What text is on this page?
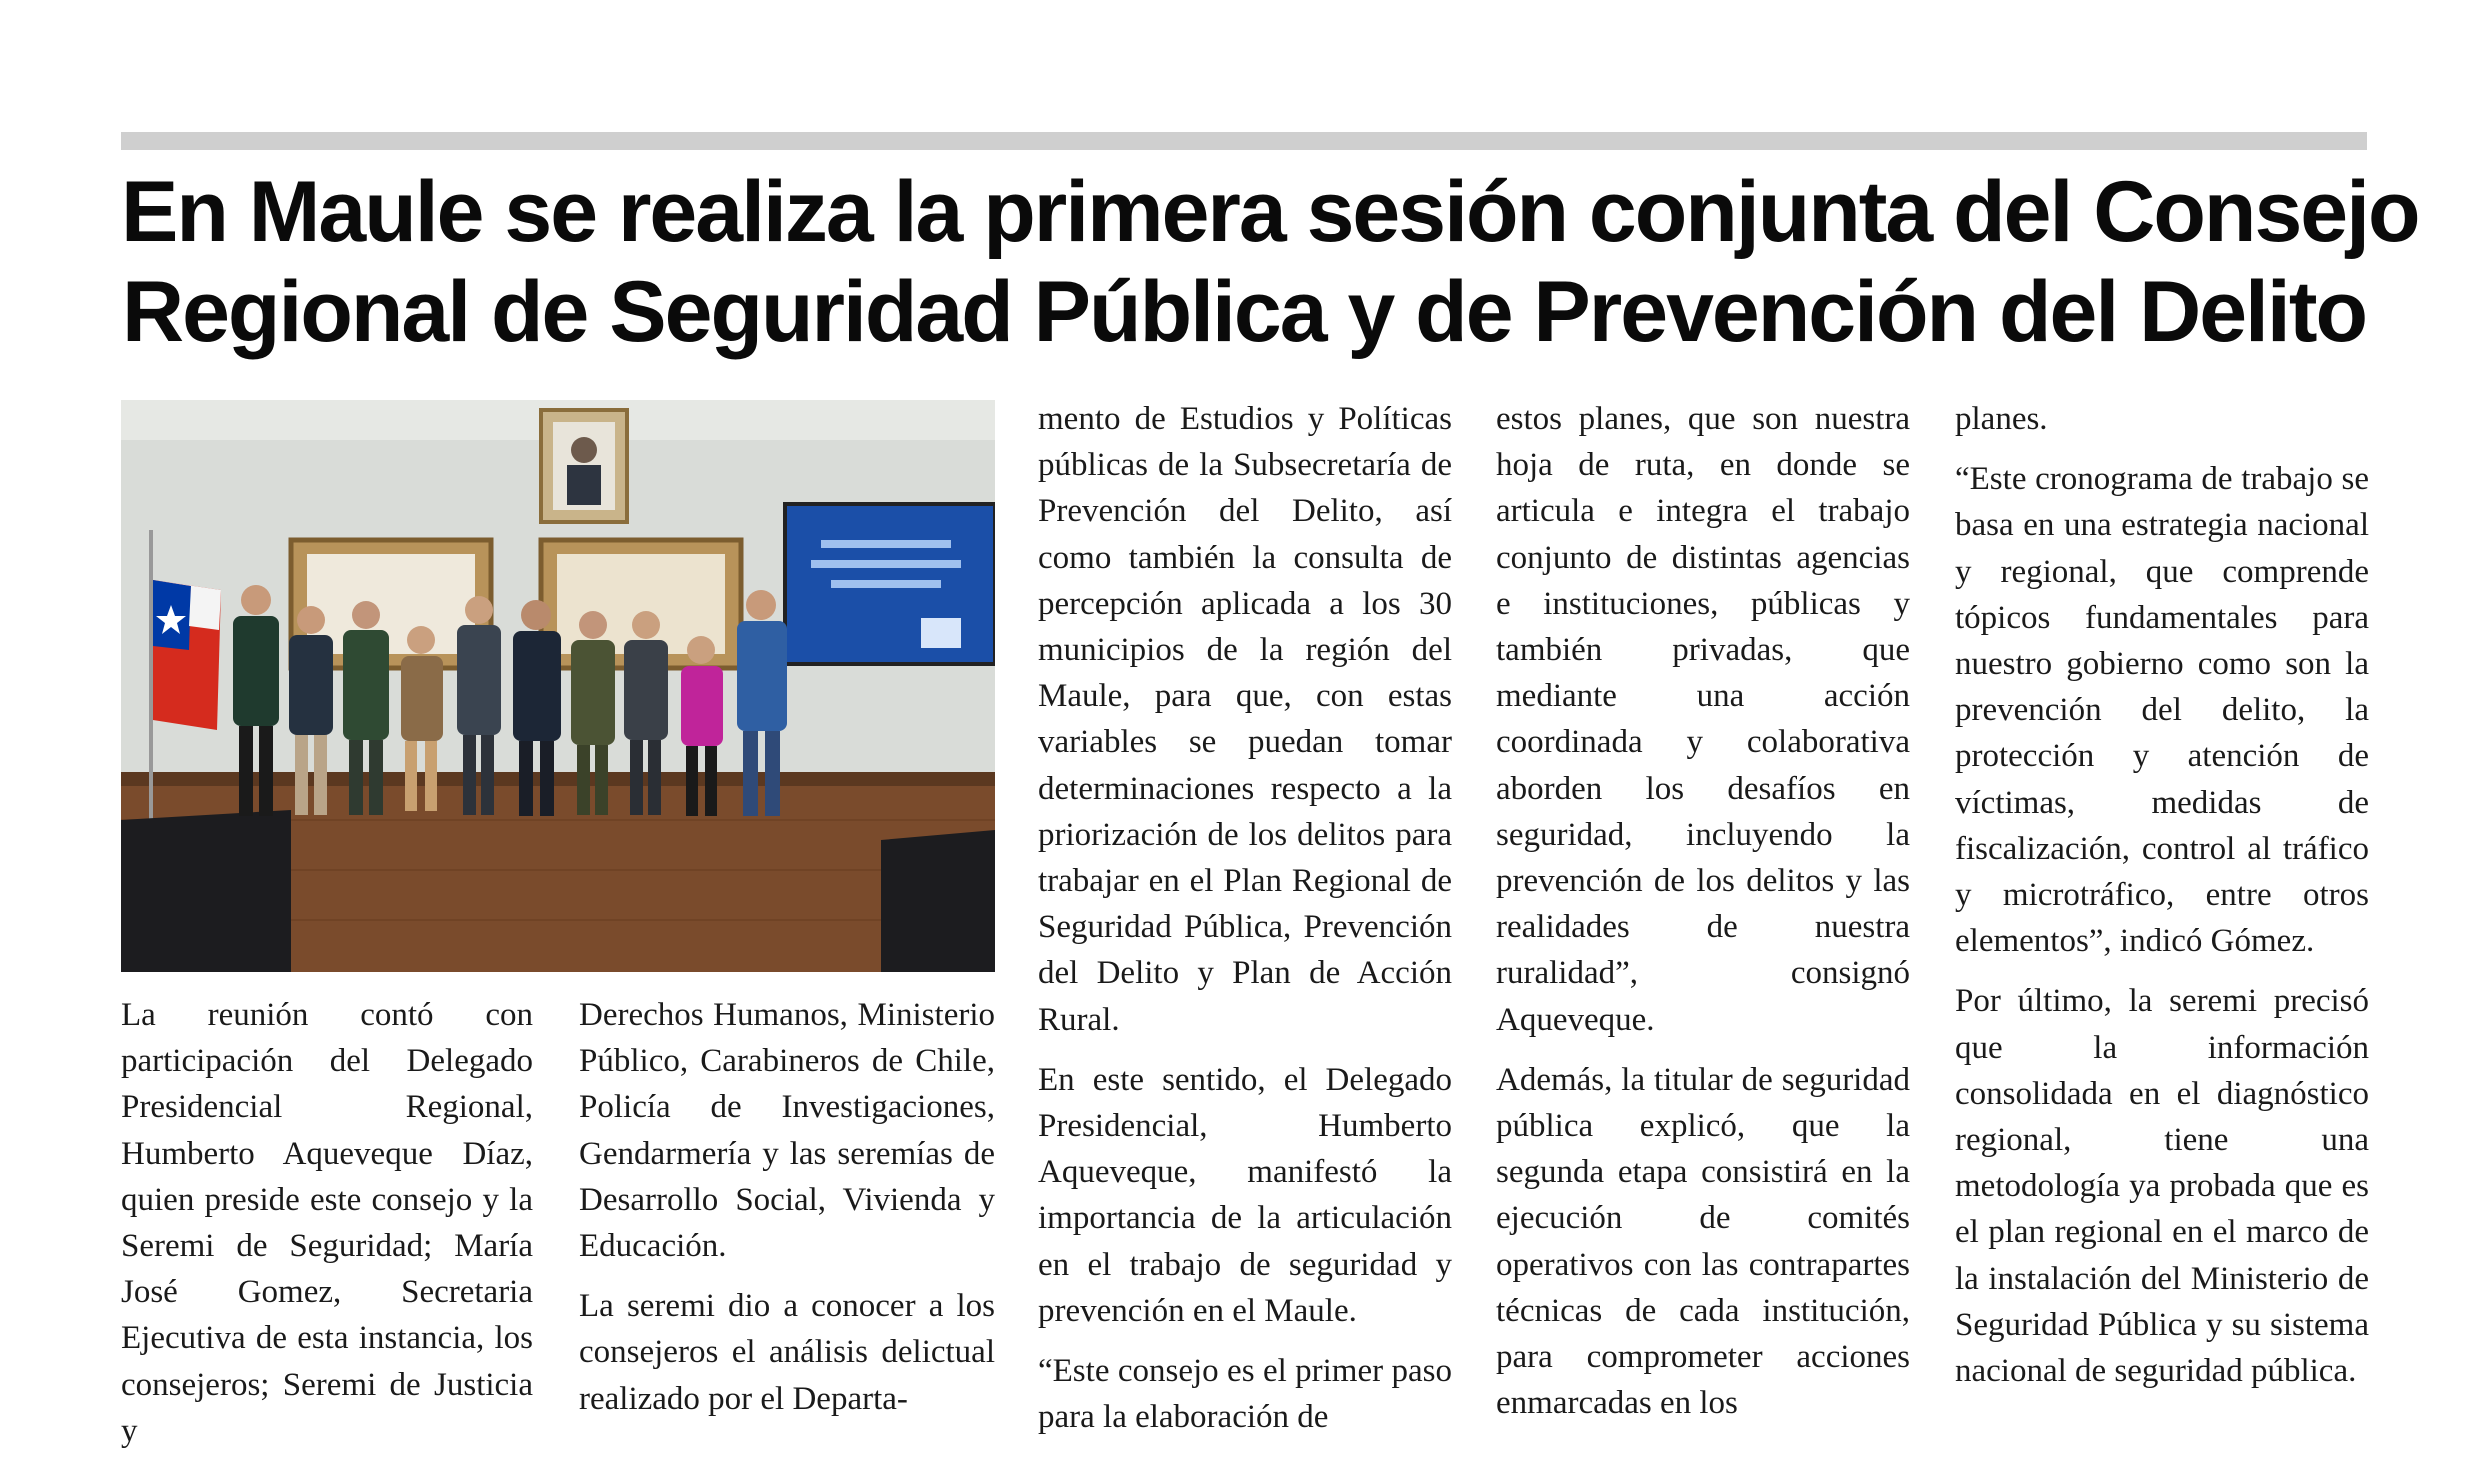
En Maule se realiza la primera sesión conjunta del Consejo
Regional de Seguridad Pública y de Prevención del Delito

La reunión contó con participación del Delegado Presidencial Regional, Humberto Aqueveque Díaz, quien preside este consejo y la Seremi de Seguridad; María José Gomez, Secretaria Ejecutiva de esta instancia, los consejeros; Seremi de Justicia y

Derechos Humanos, Ministerio Público, Carabineros de Chile, Policía de Investigaciones, Gendarmería y las seremías de Desarrollo Social, Vivienda y Educación.

La seremi dio a conocer a los consejeros el análisis delictual realizado por el Departa-

mento de Estudios y Políticas públicas de la Subsecretaría de Prevención del Delito, así como también la consulta de percepción aplicada a los 30 municipios de la región del Maule, para que, con estas variables se puedan tomar determinaciones respecto a la priorización de los delitos para trabajar en el Plan Regional de Seguridad Pública, Prevención del Delito y Plan de Acción Rural.

En este sentido, el Delegado Presidencial, Humberto Aqueveque, manifestó la importancia de la articulación en el trabajo de seguridad y prevención en el Maule.

“Este consejo es el primer paso para la elaboración de

estos planes, que son nuestra hoja de ruta, en donde se articula e integra el trabajo conjunto de distintas agencias e instituciones, públicas y también privadas, que mediante una acción coordinada y colaborativa aborden los desafíos en seguridad, incluyendo la prevención de los delitos y las realidades de nuestra ruralidad”, consignó Aqueveque.

Además, la titular de seguridad pública explicó, que la segunda etapa consistirá en la ejecución de comités operativos con las contrapartes técnicas de cada institución, para comprometer acciones enmarcadas en los

planes.

“Este cronograma de trabajo se basa en una estrategia nacional y regional, que comprende tópicos fundamentales para nuestro gobierno como son la prevención del delito, la protección y atención de víctimas, medidas de fiscalización, control al tráfico y microtráfico, entre otros elementos”, indicó Gómez.

Por último, la seremi precisó que la información consolidada en el diagnóstico regional, tiene una metodología ya probada que es el plan regional en el marco de la instalación del Ministerio de Seguridad Pública y su sistema nacional de seguridad pública.
